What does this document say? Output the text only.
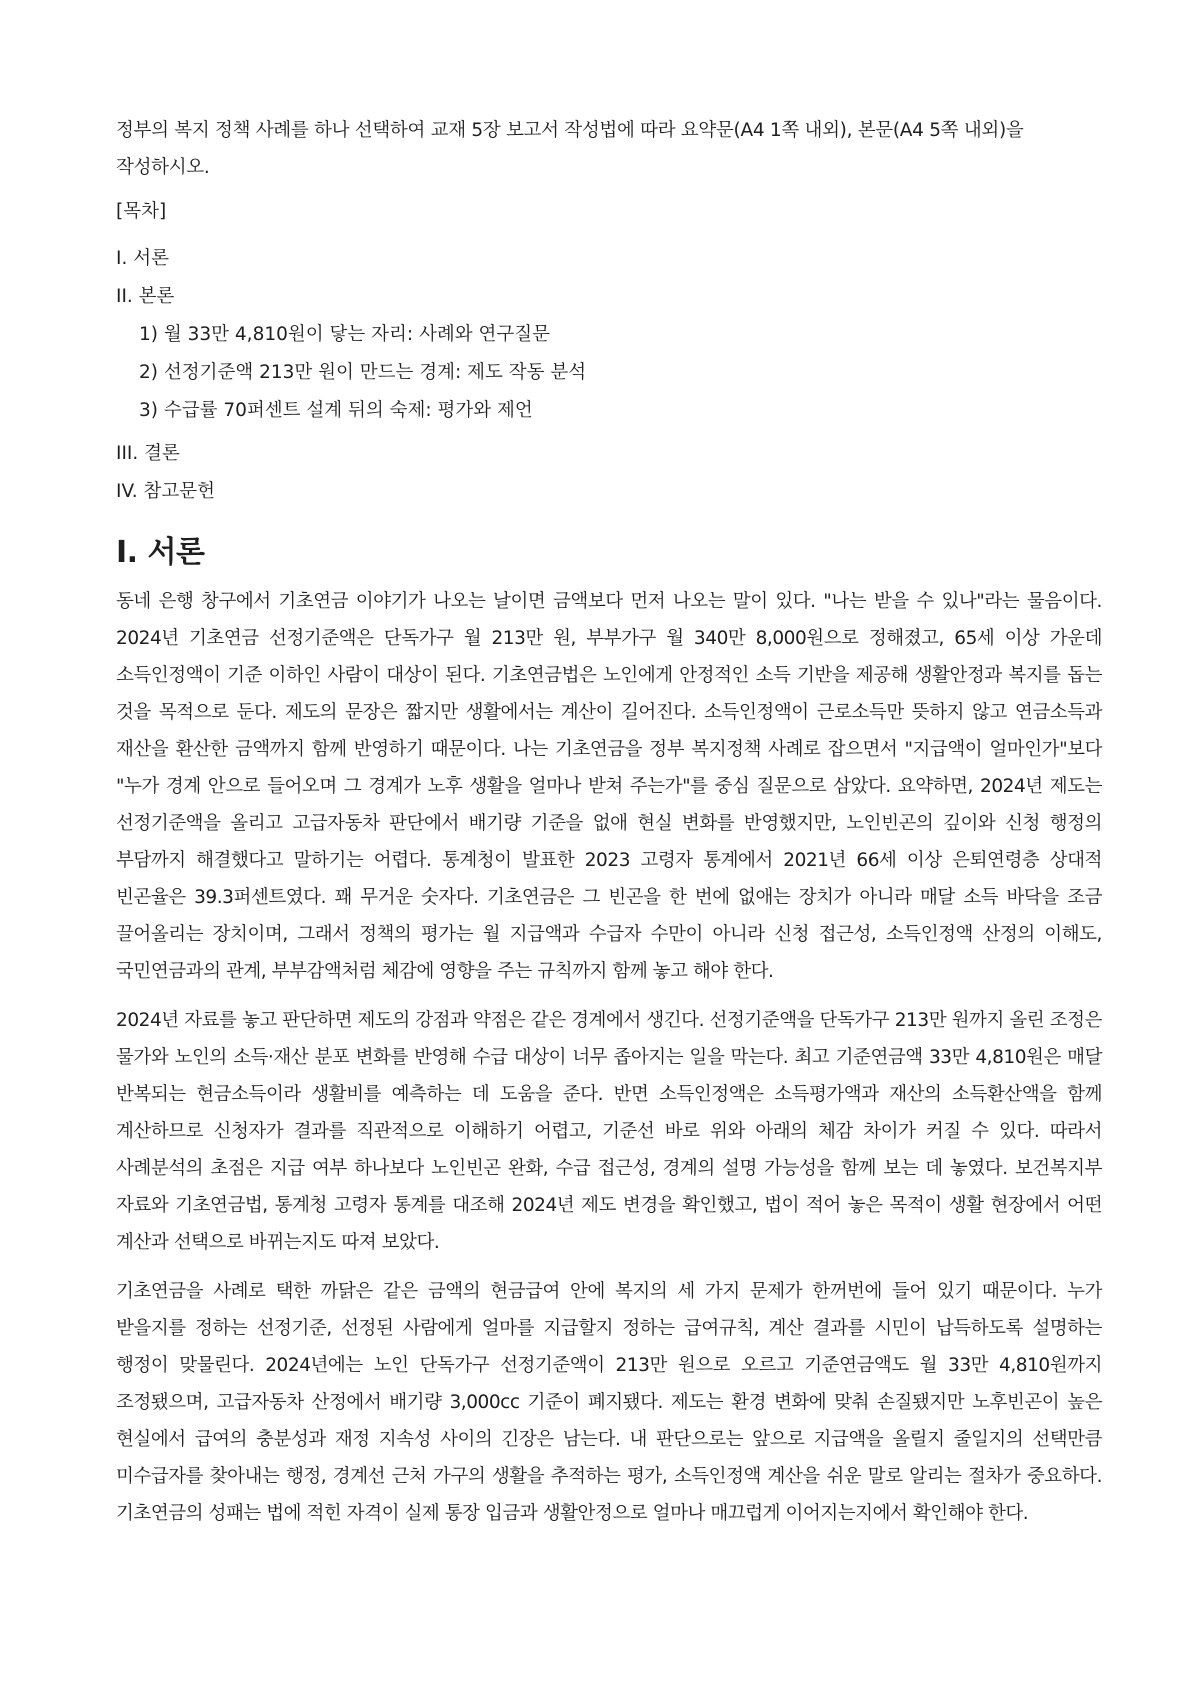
정부의 복지 정책 사례를 하나 선택하여 교재 5장 보고서 작성법에 따라 요약문(A4 1쪽 내외), 본문(A4 5쪽 내외)을 작성하시오.

[목차]
I. 서론
II. 본론
1) 월 33만 4,810원이 닿는 자리: 사례와 연구질문
2) 선정기준액 213만 원이 만드는 경계: 제도 작동 분석
3) 수급률 70퍼센트 설계 뒤의 숙제: 평가와 제언
III. 결론
IV. 참고문헌
I. 서론

동네 은행 창구에서 기초연금 이야기가 나오는 날이면 금액보다 먼저 나오는 말이 있다. "나는 받을 수 있나"라는 물음이다. 2024년 기초연금 선정기준액은 단독가구 월 213만 원, 부부가구 월 340만 8,000원으로 정해졌고, 65세 이상 가운데 소득인정액이 기준 이하인 사람이 대상이 된다. 기초연금법은 노인에게 안정적인 소득 기반을 제공해 생활안정과 복지를 돕는 것을 목적으로 둔다. 제도의 문장은 짧지만 생활에서는 계산이 길어진다. 소득인정액이 근로소득만 뜻하지 않고 연금소득과 재산을 환산한 금액까지 함께 반영하기 때문이다. 나는 기초연금을 정부 복지정책 사례로 잡으면서 "지급액이 얼마인가"보다 "누가 경계 안으로 들어오며 그 경계가 노후 생활을 얼마나 받쳐 주는가"를 중심 질문으로 삼았다. 요약하면, 2024년 제도는 선정기준액을 올리고 고급자동차 판단에서 배기량 기준을 없애 현실 변화를 반영했지만, 노인빈곤의 깊이와 신청 행정의 부담까지 해결했다고 말하기는 어렵다. 통계청이 발표한 2023 고령자 통계에서 2021년 66세 이상 은퇴연령층 상대적 빈곤율은 39.3퍼센트였다. 꽤 무거운 숫자다. 기초연금은 그 빈곤을 한 번에 없애는 장치가 아니라 매달 소득 바닥을 조금 끌어올리는 장치이며, 그래서 정책의 평가는 월 지급액과 수급자 수만이 아니라 신청 접근성, 소득인정액 산정의 이해도, 국민연금과의 관계, 부부감액처럼 체감에 영향을 주는 규칙까지 함께 놓고 해야 한다.

2024년 자료를 놓고 판단하면 제도의 강점과 약점은 같은 경계에서 생긴다. 선정기준액을 단독가구 213만 원까지 올린 조정은 물가와 노인의 소득·재산 분포 변화를 반영해 수급 대상이 너무 좁아지는 일을 막는다. 최고 기준연금액 33만 4,810원은 매달 반복되는 현금소득이라 생활비를 예측하는 데 도움을 준다. 반면 소득인정액은 소득평가액과 재산의 소득환산액을 함께 계산하므로 신청자가 결과를 직관적으로 이해하기 어렵고, 기준선 바로 위와 아래의 체감 차이가 커질 수 있다. 따라서 사례분석의 초점은 지급 여부 하나보다 노인빈곤 완화, 수급 접근성, 경계의 설명 가능성을 함께 보는 데 놓였다. 보건복지부 자료와 기초연금법, 통계청 고령자 통계를 대조해 2024년 제도 변경을 확인했고, 법이 적어 놓은 목적이 생활 현장에서 어떤 계산과 선택으로 바뀌는지도 따져 보았다.

기초연금을 사례로 택한 까닭은 같은 금액의 현금급여 안에 복지의 세 가지 문제가 한꺼번에 들어 있기 때문이다. 누가 받을지를 정하는 선정기준, 선정된 사람에게 얼마를 지급할지 정하는 급여규칙, 계산 결과를 시민이 납득하도록 설명하는 행정이 맞물린다. 2024년에는 노인 단독가구 선정기준액이 213만 원으로 오르고 기준연금액도 월 33만 4,810원까지 조정됐으며, 고급자동차 산정에서 배기량 3,000cc 기준이 폐지됐다. 제도는 환경 변화에 맞춰 손질됐지만 노후빈곤이 높은 현실에서 급여의 충분성과 재정 지속성 사이의 긴장은 남는다. 내 판단으로는 앞으로 지급액을 올릴지 줄일지의 선택만큼 미수급자를 찾아내는 행정, 경계선 근처 가구의 생활을 추적하는 평가, 소득인정액 계산을 쉬운 말로 알리는 절차가 중요하다. 기초연금의 성패는 법에 적힌 자격이 실제 통장 입금과 생활안정으로 얼마나 매끄럽게 이어지는지에서 확인해야 한다.
